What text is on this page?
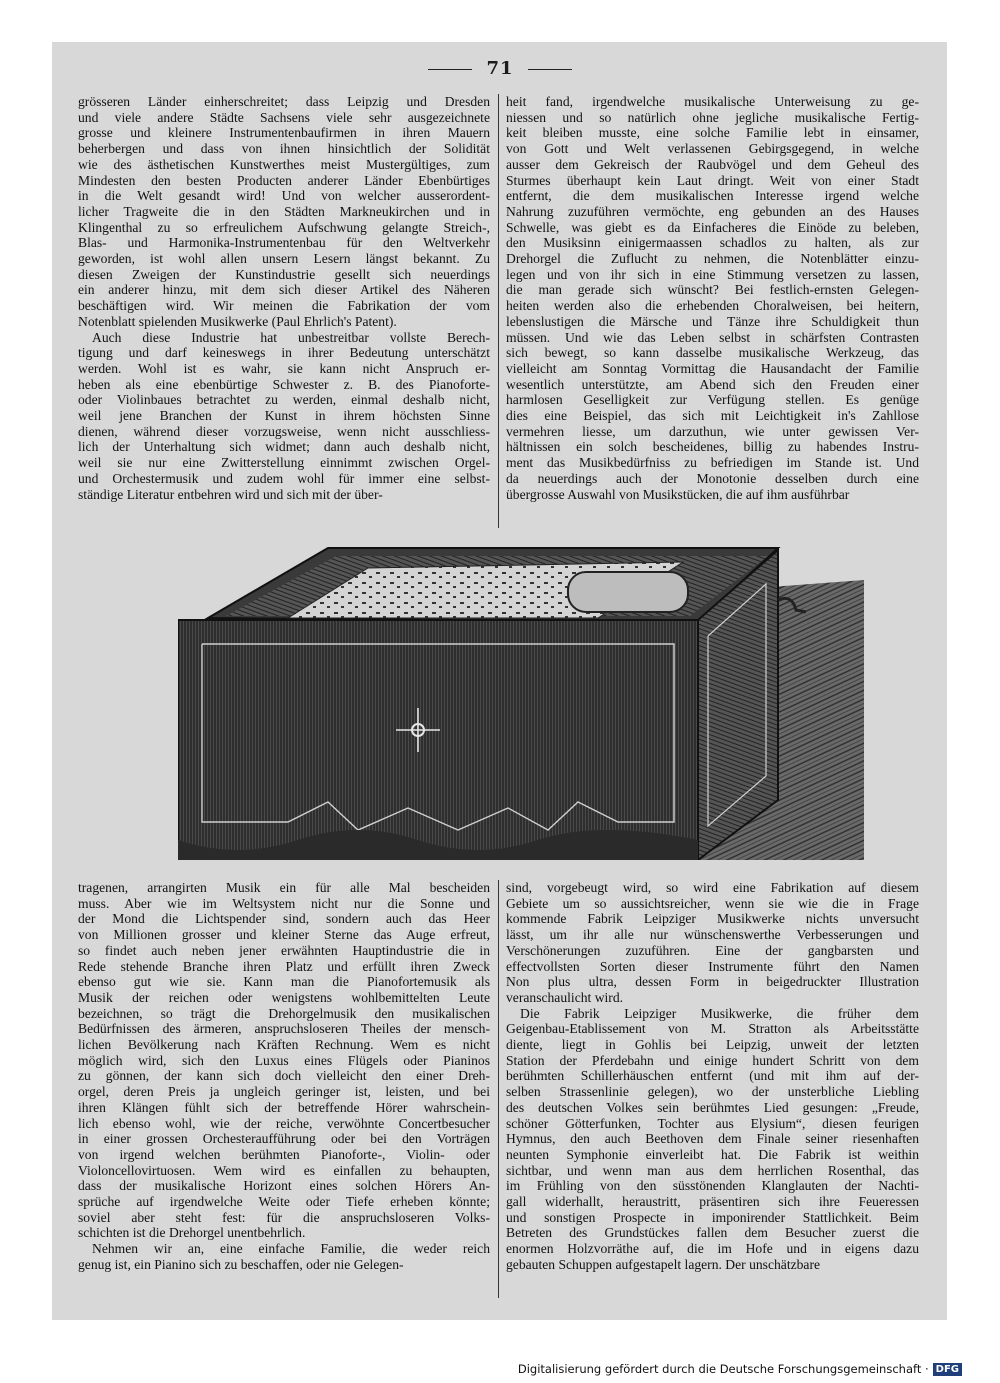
71
grösseren Länder einherschreitet; dass Leipzig und Dresden
und viele andere Städte Sachsens viele sehr ausgezeichnete
grosse und kleinere Instrumentenbaufirmen in ihren Mauern
beherbergen und dass von ihnen hinsichtlich der Solidität
wie des ästhetischen Kunstwerthes meist Mustergültiges, zum
Mindesten den besten Producten anderer Länder Ebenbürtiges
in die Welt gesandt wird! Und von welcher ausserordent-
licher Tragweite die in den Städten Markneukirchen und in
Klingenthal zu so erfreulichem Aufschwung gelangte Streich-,
Blas- und Harmonika-Instrumentenbau für den Weltverkehr
geworden, ist wohl allen unsern Lesern längst bekannt. Zu
diesen Zweigen der Kunstindustrie gesellt sich neuerdings
ein anderer hinzu, mit dem sich dieser Artikel des Näheren
beschäftigen wird. Wir meinen die Fabrikation der vom
Notenblatt spielenden Musikwerke (Paul Ehrlich's Patent).
Auch diese Industrie hat unbestreitbar vollste Berech-
tigung und darf keineswegs in ihrer Bedeutung unterschätzt
werden. Wohl ist es wahr, sie kann nicht Anspruch er-
heben als eine ebenbürtige Schwester z. B. des Pianoforte-
oder Violinbaues betrachtet zu werden, einmal deshalb nicht,
weil jene Branchen der Kunst in ihrem höchsten Sinne
dienen, während dieser vorzugsweise, wenn nicht ausschliess-
lich der Unterhaltung sich widmet; dann auch deshalb nicht,
weil sie nur eine Zwitterstellung einnimmt zwischen Orgel-
und Orchestermusik und zudem wohl für immer eine selbst-
ständige Literatur entbehren wird und sich mit der über-
heit fand, irgendwelche musikalische Unterweisung zu ge-
niessen und so natürlich ohne jegliche musikalische Fertig-
keit bleiben musste, eine solche Familie lebt in einsamer,
von Gott und Welt verlassenen Gebirgsgegend, in welche
ausser dem Gekreisch der Raubvögel und dem Geheul des
Sturmes überhaupt kein Laut dringt. Weit von einer Stadt
entfernt, die dem musikalischen Interesse irgend welche
Nahrung zuzuführen vermöchte, eng gebunden an des Hauses
Schwelle, was giebt es da Einfacheres die Einöde zu beleben,
den Musiksinn einigermaassen schadlos zu halten, als zur
Drehorgel die Zuflucht zu nehmen, die Notenblätter einzu-
legen und von ihr sich in eine Stimmung versetzen zu lassen,
die man gerade sich wünscht? Bei festlich-ernsten Gelegen-
heiten werden also die erhebenden Choralweisen, bei heitern,
lebenslustigen die Märsche und Tänze ihre Schuldigkeit thun
müssen. Und wie das Leben selbst in schärfsten Contrasten
sich bewegt, so kann dasselbe musikalische Werkzeug, das
vielleicht am Sonntag Vormittag die Hausandacht der Familie
wesentlich unterstützte, am Abend sich den Freuden einer
harmlosen Geselligkeit zur Verfügung stellen. Es genüge
dies eine Beispiel, das sich mit Leichtigkeit in's Zahllose
vermehren liesse, um darzuthun, wie unter gewissen Ver-
hältnissen ein solch bescheidenes, billig zu habendes Instru-
ment das Musikbedürfniss zu befriedigen im Stande ist. Und
da neuerdings auch der Monotonie desselben durch eine
übergrosse Auswahl von Musikstücken, die auf ihm ausführbar
tragenen, arrangirten Musik ein für alle Mal bescheiden
muss. Aber wie im Weltsystem nicht nur die Sonne und
der Mond die Lichtspender sind, sondern auch das Heer
von Millionen grosser und kleiner Sterne das Auge erfreut,
so findet auch neben jener erwähnten Hauptindustrie die in
Rede stehende Branche ihren Platz und erfüllt ihren Zweck
ebenso gut wie sie. Kann man die Pianofortemusik als
Musik der reichen oder wenigstens wohlbemittelten Leute
bezeichnen, so trägt die Drehorgelmusik den musikalischen
Bedürfnissen des ärmeren, anspruchsloseren Theiles der mensch-
lichen Bevölkerung nach Kräften Rechnung. Wem es nicht
möglich wird, sich den Luxus eines Flügels oder Pianinos
zu gönnen, der kann sich doch vielleicht den einer Dreh-
orgel, deren Preis ja ungleich geringer ist, leisten, und bei
ihren Klängen fühlt sich der betreffende Hörer wahrschein-
lich ebenso wohl, wie der reiche, verwöhnte Concertbesucher
in einer grossen Orchesteraufführung oder bei den Vorträgen
von irgend welchen berühmten Pianoforte-, Violin- oder
Violoncellovirtuosen. Wem wird es einfallen zu behaupten,
dass der musikalische Horizont eines solchen Hörers An-
sprüche auf irgendwelche Weite oder Tiefe erheben könnte;
soviel aber steht fest: für die anspruchsloseren Volks-
schichten ist die Drehorgel unentbehrlich.
Nehmen wir an, eine einfache Familie, die weder reich
genug ist, ein Pianino sich zu beschaffen, oder nie Gelegen-
sind, vorgebeugt wird, so wird eine Fabrikation auf diesem
Gebiete um so aussichtsreicher, wenn sie wie die in Frage
kommende Fabrik Leipziger Musikwerke nichts unversucht
lässt, um ihr alle nur wünschenswerthe Verbesserungen und
Verschönerungen zuzuführen. Eine der gangbarsten und
effectvollsten Sorten dieser Instrumente führt den Namen
Non plus ultra, dessen Form in beigedruckter Illustration
veranschaulicht wird.
Die Fabrik Leipziger Musikwerke, die früher dem
Geigenbau-Etablissement von M. Stratton als Arbeitsstätte
diente, liegt in Gohlis bei Leipzig, unweit der letzten
Station der Pferdebahn und einige hundert Schritt von dem
berühmten Schillerhäuschen entfernt (und mit ihm auf der-
selben Strassenlinie gelegen), wo der unsterbliche Liebling
des deutschen Volkes sein berühmtes Lied gesungen: „Freude,
schöner Götterfunken, Tochter aus Elysium“, diesen feurigen
Hymnus, den auch Beethoven dem Finale seiner riesenhaften
neunten Symphonie einverleibt hat. Die Fabrik ist weithin
sichtbar, und wenn man aus dem herrlichen Rosenthal, das
im Frühling von den süsstönenden Klanglauten der Nachti-
gall widerhallt, heraustritt, präsentiren sich ihre Feueressen
und sonstigen Prospecte in imponirender Stattlichkeit. Beim
Betreten des Grundstückes fallen dem Besucher zuerst die
enormen Holzvorräthe auf, die im Hofe und in eigens dazu
gebauten Schuppen aufgestapelt lagern. Der unschätzbare
Digitalisierung gefördert durch die Deutsche Forschungsgemeinschaft · DFG
